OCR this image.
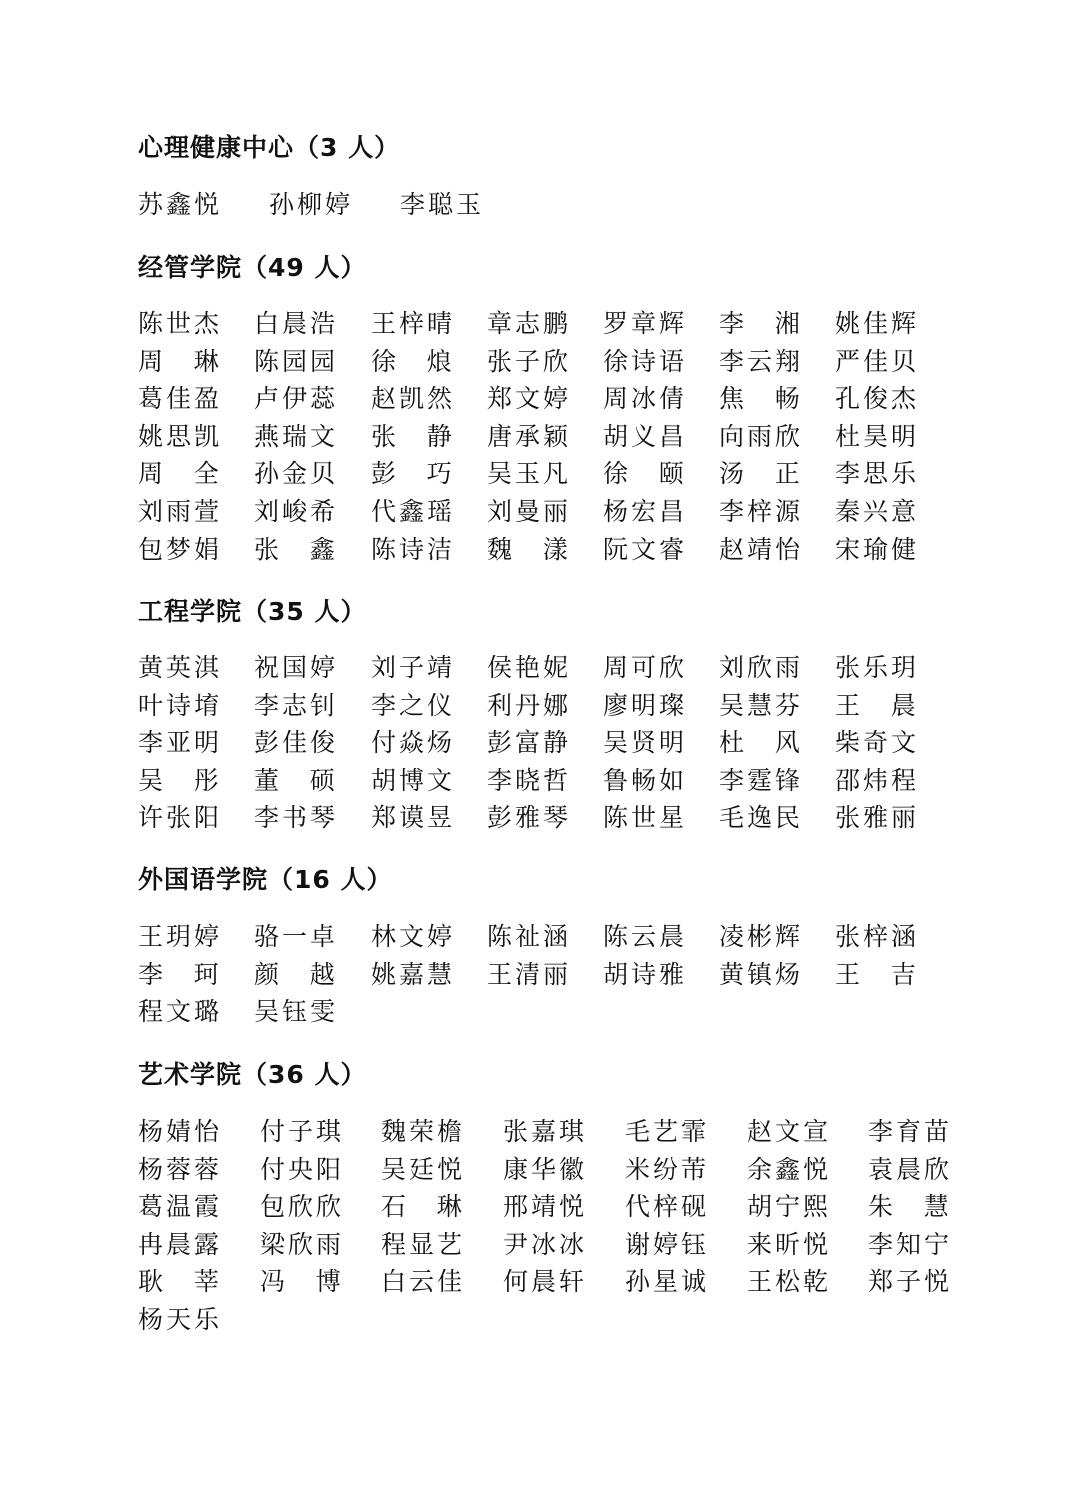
心理健康中心（3 人）
苏鑫悦 孙柳婷 李聪玉
经管学院（49 人）
陈世杰 白晨浩 王梓晴 章志鹏 罗章辉 李湘 姚佳辉
周琳 陈园园 徐烺 张子欣 徐诗语 李云翔 严佳贝
葛佳盈 卢伊蕊 赵凯然 郑文婷 周冰倩 焦畅 孔俊杰
姚思凯 燕瑞文 张静 唐承颖 胡义昌 向雨欣 杜昊明
周全 孙金贝 彭巧 吴玉凡 徐颐 汤正 李思乐
刘雨萱 刘峻希 代鑫瑶 刘曼丽 杨宏昌 李梓源 秦兴意
包梦娟 张鑫 陈诗洁 魏漾 阮文睿 赵靖怡 宋瑜健
工程学院（35 人）
黄英淇 祝国婷 刘子靖 侯艳妮 周可欣 刘欣雨 张乐玥
叶诗堉 李志钊 李之仪 利丹娜 廖明璨 吴慧芬 王晨
李亚明 彭佳俊 付焱炀 彭富静 吴贤明 杜风 柴奇文
吴彤 董硕 胡博文 李晓哲 鲁畅如 李霆锋 邵炜程
许张阳 李书琴 郑谟昱 彭雅琴 陈世星 毛逸民 张雅丽
外国语学院（16 人）
王玥婷 骆一卓 林文婷 陈祉涵 陈云晨 凌彬辉 张梓涵
李珂 颜越 姚嘉慧 王清丽 胡诗雅 黄镇炀 王吉
程文璐 吴钰雯
艺术学院（36 人）
杨婧怡 付子琪 魏荣檐 张嘉琪 毛艺霏 赵文宣 李育苗
杨蓉蓉 付央阳 吴廷悦 康华徽 米纷芾 余鑫悦 袁晨欣
葛温霞 包欣欣 石琳 邢靖悦 代梓砚 胡宁熙 朱慧
冉晨露 梁欣雨 程显艺 尹冰冰 谢婷钰 来昕悦 李知宁
耿莘 冯博 白云佳 何晨轩 孙星诚 王松乾 郑子悦
杨天乐
